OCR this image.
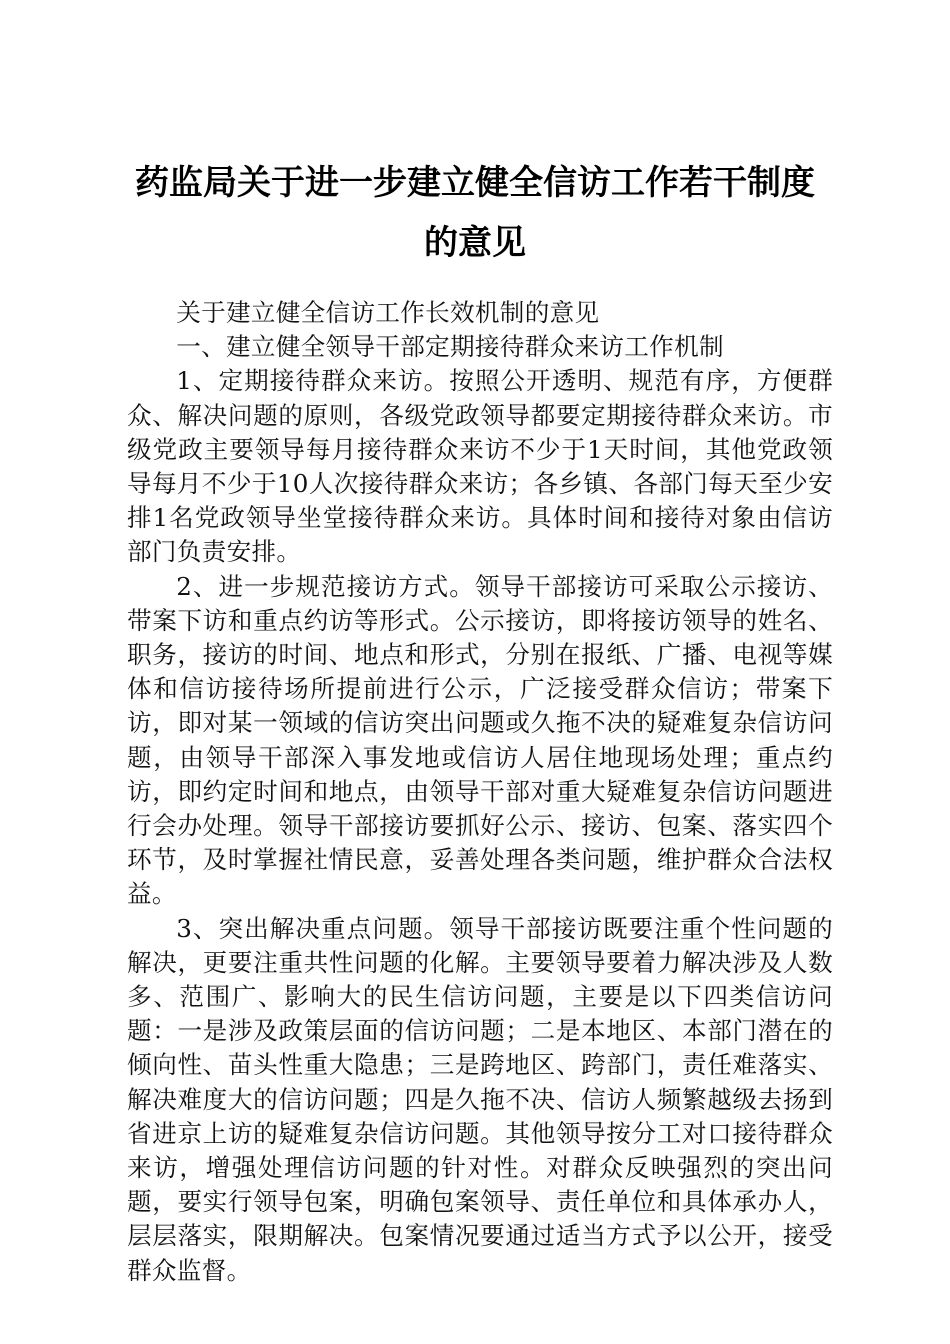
药监局关于进一步建立健全信访工作若干制度
的意见

关于建立健全信访工作长效机制的意见

一、建立健全领导干部定期接待群众来访工作机制

1、定期接待群众来访。按照公开透明、规范有序，方便群众、解决问题的原则，各级党政领导都要定期接待群众来访。市级党政主要领导每月接待群众来访不少于1天时间，其他党政领导每月不少于10人次接待群众来访；各乡镇、各部门每天至少安排1名党政领导坐堂接待群众来访。具体时间和接待对象由信访部门负责安排。

2、进一步规范接访方式。领导干部接访可采取公示接访、带案下访和重点约访等形式。公示接访，即将接访领导的姓名、职务，接访的时间、地点和形式，分别在报纸、广播、电视等媒体和信访接待场所提前进行公示，广泛接受群众信访；带案下访，即对某一领域的信访突出问题或久拖不决的疑难复杂信访问题，由领导干部深入事发地或信访人居住地现场处理；重点约访，即约定时间和地点，由领导干部对重大疑难复杂信访问题进行会办处理。领导干部接访要抓好公示、接访、包案、落实四个环节，及时掌握社情民意，妥善处理各类问题，维护群众合法权益。

3、突出解决重点问题。领导干部接访既要注重个性问题的解决，更要注重共性问题的化解。主要领导要着力解决涉及人数多、范围广、影响大的民生信访问题，主要是以下四类信访问题：一是涉及政策层面的信访问题；二是本地区、本部门潜在的倾向性、苗头性重大隐患；三是跨地区、跨部门，责任难落实、解决难度大的信访问题；四是久拖不决、信访人频繁越级去扬到省进京上访的疑难复杂信访问题。其他领导按分工对口接待群众来访，增强处理信访问题的针对性。对群众反映强烈的突出问题，要实行领导包案，明确包案领导、责任单位和具体承办人，层层落实，限期解决。包案情况要通过适当方式予以公开，接受群众监督。
